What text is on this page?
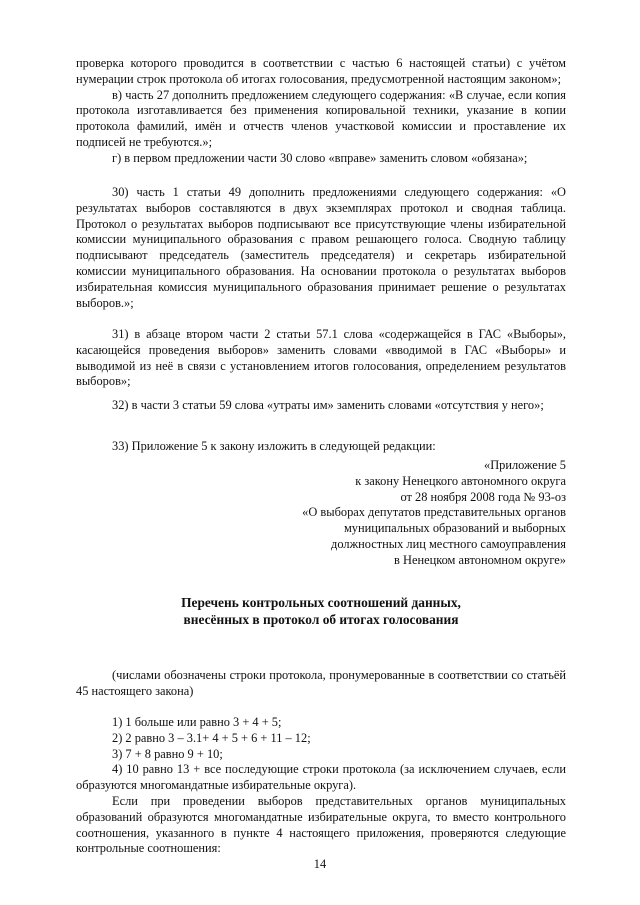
проверка которого проводится в соответствии с частью 6 настоящей статьи) с учётом нумерации строк протокола об итогах голосования, предусмотренной настоящим законом»;

в) часть 27 дополнить предложением следующего содержания: «В случае, если копия протокола изготавливается без применения копировальной техники, указание в копии протокола фамилий, имён и отчеств членов участковой комиссии и проставление их подписей не требуются.»;

г) в первом предложении части 30 слово «вправе» заменить словом «обязана»;

30) часть 1 статьи 49 дополнить предложениями следующего содержания: «О результатах выборов составляются в двух экземплярах протокол и сводная таблица. Протокол о результатах выборов подписывают все присутствующие члены избирательной комиссии муниципального образования с правом решающего голоса. Сводную таблицу подписывают председатель (заместитель председателя) и секретарь избирательной комиссии муниципального образования. На основании протокола о результатах выборов избирательная комиссия муниципального образования принимает решение о результатах выборов.»;

31) в абзаце втором части 2 статьи 57.1 слова «содержащейся в ГАС «Выборы», касающейся проведения выборов» заменить словами «вводимой в ГАС «Выборы» и выводимой из неё в связи с установлением итогов голосования, определением результатов выборов»;

32) в части 3 статьи 59 слова «утраты им» заменить словами «отсутствия у него»;

33) Приложение 5 к закону изложить в следующей редакции:

«Приложение 5
к закону Ненецкого автономного округа
от 28 ноября 2008 года № 93-оз
«О выборах депутатов представительных органов
муниципальных образований и выборных
должностных лиц местного самоуправления
в Ненецком автономном округе»
Перечень контрольных соотношений данных,
внесённых в протокол об итогах голосования

(числами обозначены строки протокола, пронумерованные в соответствии со статьёй 45 настоящего закона)

1) 1 больше или равно 3 + 4 + 5;

2) 2 равно 3 – 3.1+ 4 + 5 + 6 + 11 – 12;

3) 7 + 8 равно 9 + 10;

4) 10 равно 13 + все последующие строки протокола (за исключением случаев, если образуются многомандатные избирательные округа).

Если при проведении выборов представительных органов муниципальных образований образуются многомандатные избирательные округа, то вместо контрольного соотношения, указанного в пункте 4 настоящего приложения, проверяются следующие контрольные соотношения:

14
